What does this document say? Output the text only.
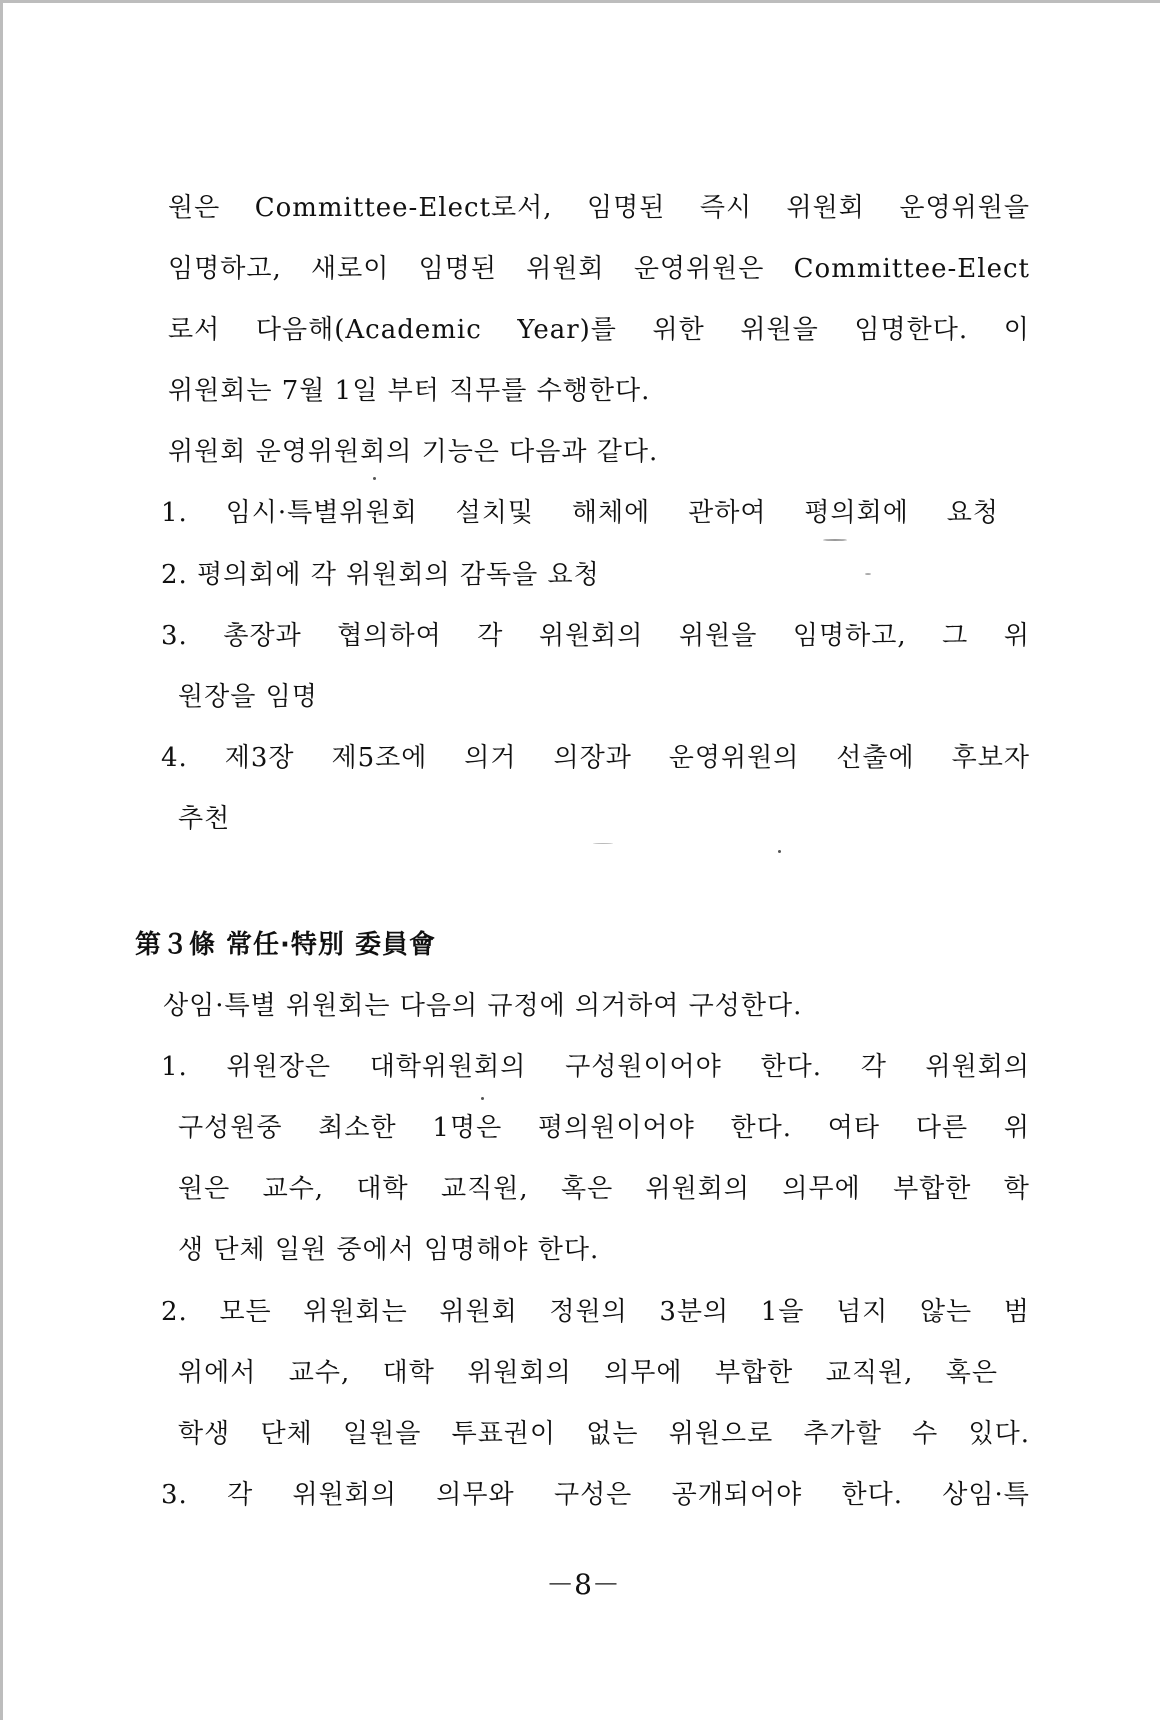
원은 Committee-Elect로서, 임명된 즉시 위원회 운영위원을
임명하고, 새로이 임명된 위원회 운영위원은 Committee-Elect
로서 다음해(Academic Year)를 위한 위원을 임명한다. 이
위원회는 7월 1일 부터 직무를 수행한다.
위원회 운영위원회의 기능은 다음과 같다.
1. 임시·특별위원회 설치및 해체에 관하여 평의회에 요청
2. 평의회에 각 위원회의 감독을 요청
3. 총장과 협의하여 각 위원회의 위원을 임명하고, 그 위
원장을 임명
4. 제3장 제5조에 의거 의장과 운영위원의 선출에 후보자
추천
第３條 常任·特別 委員會
상임·특별 위원회는 다음의 규정에 의거하여 구성한다.
1. 위원장은 대학위원회의 구성원이어야 한다. 각 위원회의
구성원중 최소한 1명은 평의원이어야 한다. 여타 다른 위
원은 교수, 대학 교직원, 혹은 위원회의 의무에 부합한 학
생 단체 일원 중에서 임명해야 한다.
2. 모든 위원회는 위원회 정원의 3분의 1을 넘지 않는 범
위에서 교수, 대학 위원회의 의무에 부합한 교직원, 혹은
학생 단체 일원을 투표권이 없는 위원으로 추가할 수 있다.
3. 각 위원회의 의무와 구성은 공개되어야 한다. 상임·특
－8－
